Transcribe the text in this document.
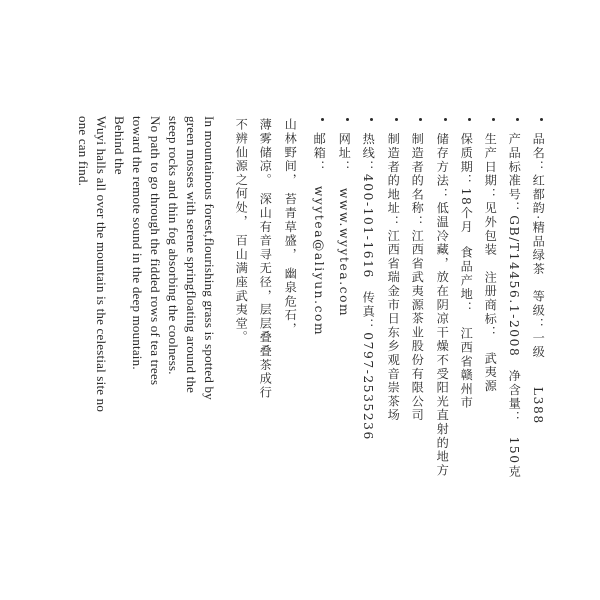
品名：红都韵·精品绿茶等级：一级L388
产品标准号：GB/T14456.1-2008净含量：150克
生产日期：见外包装注册商标：武夷源
保质期：18个月食品产地：江西省赣州市
储存方法：低温冷藏，放在阴凉干燥不受阳光直射的地方
制造者的名称：江西省武夷源茶业股份有限公司
制造者的地址：江西省瑞金市日东乡观音崇茶场
热线：400-101-1616传真：0797-2535236
网址：www.wyytea.com
邮箱：wyytea@aliyun.com
山林野间， 苔青草盛， 幽泉危石，
薄雾储凉。 深山有音寻无径，层层叠叠茶成行
不辨仙源之何处， 百山满座武夷堂。
In mountainous forest,flourishing grass is spotted by
green mosses with serene springfloating around the
steep rocks and thin fog absorbing the coolness.
No path to go through the fidded rows of tea trees
toward the remote sound in the deep mountain.
Behind the
Wuyi halls all over the mountain is the celestial site no
one can find.
